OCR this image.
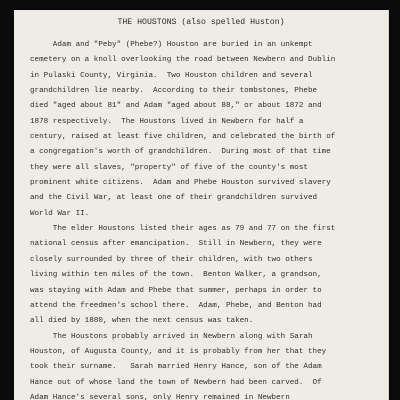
THE HOUSTONS (also spelled Huston)

Adam and "Peby" (Phebe?) Houston are buried in an unkempt
cemetery on a knoll overlooking the road between Newbern and Dublin
in Pulaski County, Virginia.  Two Houston children and several
grandchildren lie nearby.  According to their tombstones, Phebe
died "aged about 81" and Adam "aged about 88," or about 1872 and
1878 respectively.  The Houstons lived in Newbern for half a
century, raised at least five children, and celebrated the birth of
a congregation's worth of grandchildren.  During most of that time
they were all slaves, "property" of five of the county's most
prominent white citizens.  Adam and Phebe Houston survived slavery
and the Civil War, at least one of their grandchildren survived
World War II.
The elder Houstons listed their ages as 79 and 77 on the first
national census after emancipation.  Still in Newbern, they were
closely surrounded by three of their children, with two others
living within ten miles of the town.  Benton Walker, a grandson,
was staying with Adam and Phebe that summer, perhaps in order to
attend the freedmen's school there.  Adam, Phebe, and Benton had
all died by 1880, when the next census was taken.
The Houstons probably arrived in Newbern along with Sarah
Houston, of Augusta County, and it is probably from her that they
took their surname.   Sarah married Henry Hance, son of the Adam
Hance out of whose land the town of Newbern had been carved.  Of
Adam Hance's several sons, only Henry remained in Newbern
